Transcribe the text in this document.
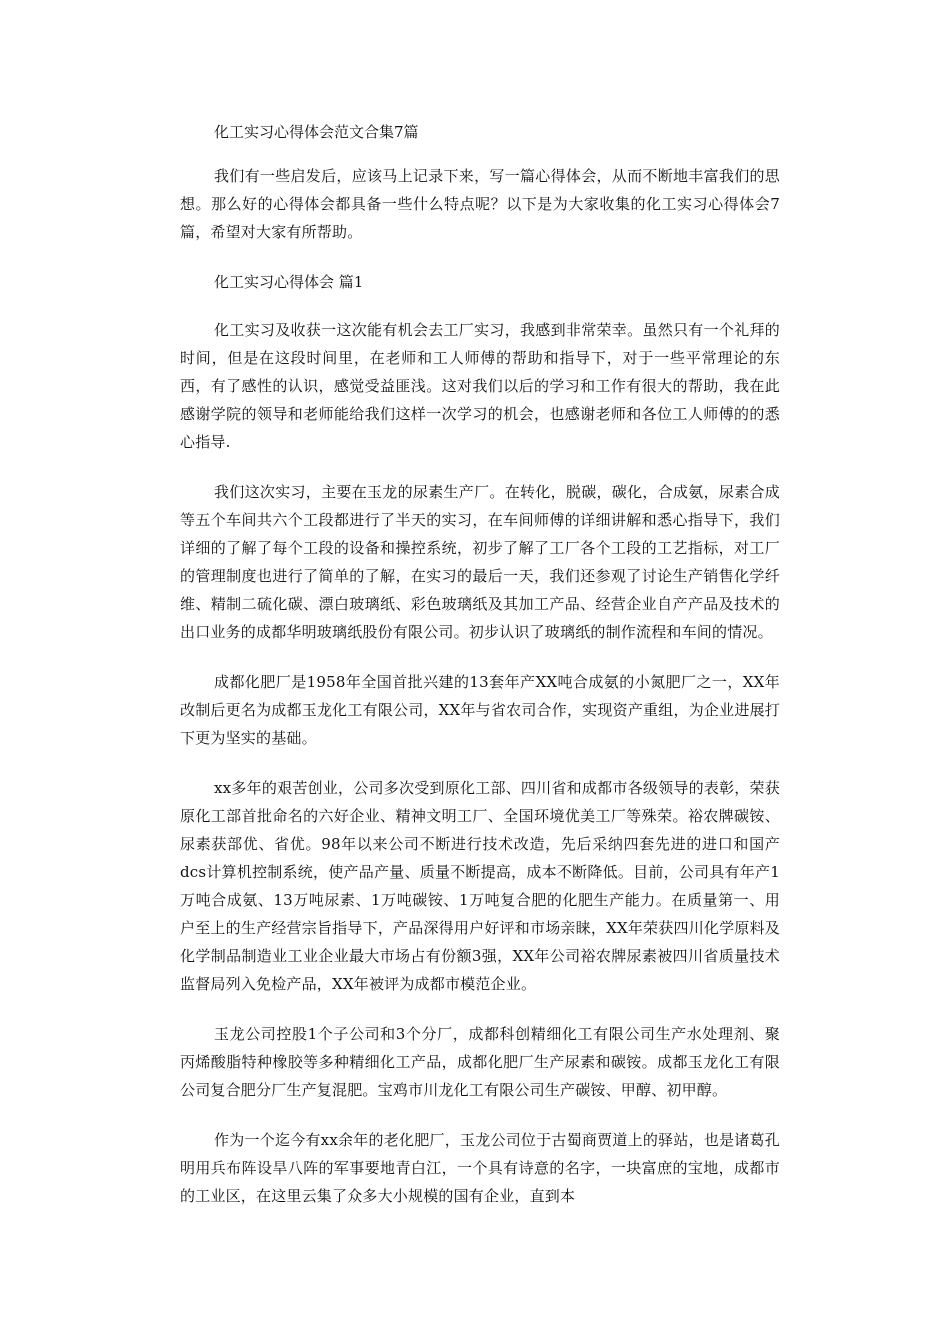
化工实习心得体会范文合集7篇

我们有一些启发后，应该马上记录下来，写一篇心得体会，从而不断地丰富我们的思想。那么好的心得体会都具备一些什么特点呢？以下是为大家收集的化工实习心得体会7篇，希望对大家有所帮助。

化工实习心得体会 篇1

化工实习及收获一这次能有机会去工厂实习，我感到非常荣幸。虽然只有一个礼拜的时间，但是在这段时间里，在老师和工人师傅的帮助和指导下，对于一些平常理论的东西，有了感性的认识，感觉受益匪浅。这对我们以后的学习和工作有很大的帮助，我在此感谢学院的领导和老师能给我们这样一次学习的机会，也感谢老师和各位工人师傅的的悉心指导.

我们这次实习，主要在玉龙的尿素生产厂。在转化，脱碳，碳化，合成氨，尿素合成等五个车间共六个工段都进行了半天的实习，在车间师傅的详细讲解和悉心指导下，我们详细的了解了每个工段的设备和操控系统，初步了解了工厂各个工段的工艺指标，对工厂的管理制度也进行了简单的了解，在实习的最后一天，我们还参观了讨论生产销售化学纤维、精制二硫化碳、漂白玻璃纸、彩色玻璃纸及其加工产品、经营企业自产产品及技术的出口业务的成都华明玻璃纸股份有限公司。初步认识了玻璃纸的制作流程和车间的情况。

成都化肥厂是1958年全国首批兴建的13套年产XX吨合成氨的小氮肥厂之一，XX年改制后更名为成都玉龙化工有限公司，XX年与省农司合作，实现资产重组，为企业进展打下更为坚实的基础。

xx多年的艰苦创业，公司多次受到原化工部、四川省和成都市各级领导的表彰，荣获原化工部首批命名的六好企业、精神文明工厂、全国环境优美工厂等殊荣。裕农牌碳铵、尿素获部优、省优。98年以来公司不断进行技术改造，先后采纳四套先进的进口和国产dcs计算机控制系统，使产品产量、质量不断提高，成本不断降低。目前，公司具有年产1万吨合成氨、13万吨尿素、1万吨碳铵、1万吨复合肥的化肥生产能力。在质量第一、用户至上的生产经营宗旨指导下，产品深得用户好评和市场亲睐，XX年荣获四川化学原料及化学制品制造业工业企业最大市场占有份额3强，XX年公司裕农牌尿素被四川省质量技术监督局列入免检产品，XX年被评为成都市模范企业。

玉龙公司控股1个子公司和3个分厂，成都科创精细化工有限公司生产水处理剂、聚丙烯酸脂特种橡胶等多种精细化工产品，成都化肥厂生产尿素和碳铵。成都玉龙化工有限公司复合肥分厂生产复混肥。宝鸡市川龙化工有限公司生产碳铵、甲醇、初甲醇。

作为一个迄今有xx余年的老化肥厂，玉龙公司位于古蜀商贾道上的驿站，也是诸葛孔明用兵布阵设旱八阵的军事要地青白江，一个具有诗意的名字，一块富庶的宝地，成都市的工业区，在这里云集了众多大小规模的国有企业，直到本
